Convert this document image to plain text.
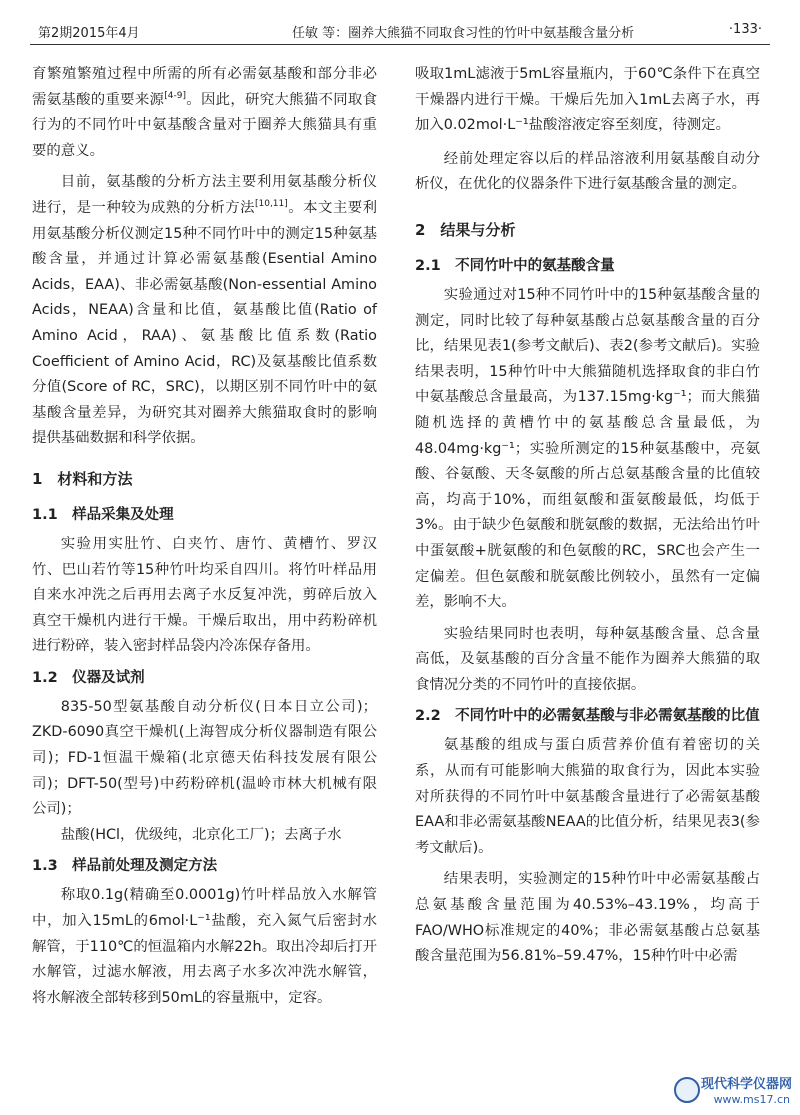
第2期2015年4月	任敏 等：圈养大熊猫不同取食习性的竹叶中氨基酸含量分析	·133·

育繁殖繁殖过程中所需的所有必需氨基酸和部分非必需氨基酸的重要来源[4-9]。因此，研究大熊猫不同取食行为的不同竹叶中氨基酸含量对于圈养大熊猫具有重要的意义。

目前，氨基酸的分析方法主要利用氨基酸分析仪进行，是一种较为成熟的分析方法[10,11]。本文主要利用氨基酸分析仪测定15种不同竹叶中的测定15种氨基酸含量，并通过计算必需氨基酸(Esential Amino Acids，EAA)、非必需氨基酸(Non-essential Amino Acids，NEAA)含量和比值，氨基酸比值(Ratio of Amino Acid，RAA)、氨基酸比值系数(Ratio Coefficient of Amino Acid，RC)及氨基酸比值系数分值(Score of RC，SRC)，以期区别不同竹叶中的氨基酸含量差异，为研究其对圈养大熊猫取食时的影响提供基础数据和科学依据。

1　材料和方法
1.1　样品采集及处理

实验用实肚竹、白夹竹、唐竹、黄槽竹、罗汉竹、巴山若竹等15种竹叶均采自四川。将竹叶样品用自来水冲洗之后再用去离子水反复冲洗，剪碎后放入真空干燥机内进行干燥。干燥后取出，用中药粉碎机进行粉碎，装入密封样品袋内冷冻保存备用。

1.2　仪器及试剂

835-50型氨基酸自动分析仪(日本日立公司)；ZKD-6090真空干燥机(上海智成分析仪器制造有限公司)；FD-1恒温干燥箱(北京德天佑科技发展有限公司)；DFT-50(型号)中药粉碎机(温岭市林大机械有限公司)；

盐酸(HCl，优级纯，北京化工厂)；去离子水

1.3　样品前处理及测定方法

称取0.1g(精确至0.0001g)竹叶样品放入水解管中，加入15mL的6mol·L⁻¹盐酸，充入氮气后密封水解管，于110℃的恒温箱内水解22h。取出冷却后打开水解管，过滤水解液，用去离子水多次冲洗水解管，将水解液全部转移到50mL的容量瓶中，定容。

吸取1mL滤液于5mL容量瓶内，于60℃条件下在真空干燥器内进行干燥。干燥后先加入1mL去离子水，再加入0.02mol·L⁻¹盐酸溶液定容至刻度，待测定。

经前处理定容以后的样品溶液利用氨基酸自动分析仪，在优化的仪器条件下进行氨基酸含量的测定。

2　结果与分析
2.1　不同竹叶中的氨基酸含量

实验通过对15种不同竹叶中的15种氨基酸含量的测定，同时比较了每种氨基酸占总氨基酸含量的百分比，结果见表1(参考文献后)、表2(参考文献后)。实验结果表明，15种竹叶中大熊猫随机选择取食的非白竹中氨基酸总含量最高，为137.15mg·kg⁻¹；而大熊猫随机选择的黄槽竹中的氨基酸总含量最低，为48.04mg·kg⁻¹；实验所测定的15种氨基酸中，亮氨酸、谷氨酸、天冬氨酸的所占总氨基酸含量的比值较高，均高于10%，而组氨酸和蛋氨酸最低，均低于3%。由于缺少色氨酸和胱氨酸的数据，无法给出竹叶中蛋氨酸+胱氨酸的和色氨酸的RC，SRC也会产生一定偏差。但色氨酸和胱氨酸比例较小，虽然有一定偏差，影响不大。

实验结果同时也表明，每种氨基酸含量、总含量高低，及氨基酸的百分含量不能作为圈养大熊猫的取食情况分类的不同竹叶的直接依据。

2.2　不同竹叶中的必需氨基酸与非必需氨基酸的比值

氨基酸的组成与蛋白质营养价值有着密切的关系，从而有可能影响大熊猫的取食行为，因此本实验对所获得的不同竹叶中氨基酸含量进行了必需氨基酸EAA和非必需氨基酸NEAA的比值分析，结果见表3(参考文献后)。

结果表明，实验测定的15种竹叶中必需氨基酸占总氨基酸含量范围为40.53%–43.19%，均高于FAO/WHO标准规定的40%；非必需氨基酸占总氨基酸含量范围为56.81%–59.47%，15种竹叶中必需

现代科学仪器网
www.ms17.cn
